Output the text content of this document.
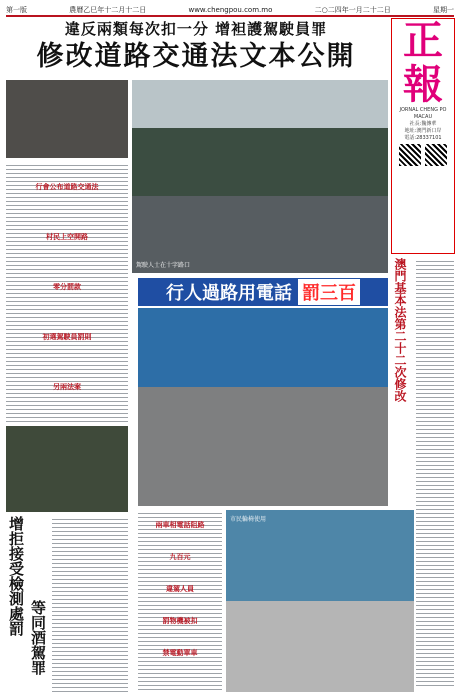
第一版	農曆乙巳年十二月十二日	www.chengpou.com.mo	二○二四年一月二十二日	星期一
違反兩類每次扣一分 增袒護駕駛員罪
修改道路交通法文本公開	正報
JORNAL CHENG PO MACAU
社長:魏傳華
地址:澳門新口岸
電話:28337101
駕駛人士在十字路口
行會公布道路交通法
村民上空開路
零分罰款
初選駕駛員罰則
另兩法案	澳門基本法第二十二次修改
行人過路用電話 罰三百
增拒接受檢測處罰
等同酒駕罪
兩車相電話阻路
九百元
違駕人員
罰物機被扣
禁電動單車
市民輪椅使用
